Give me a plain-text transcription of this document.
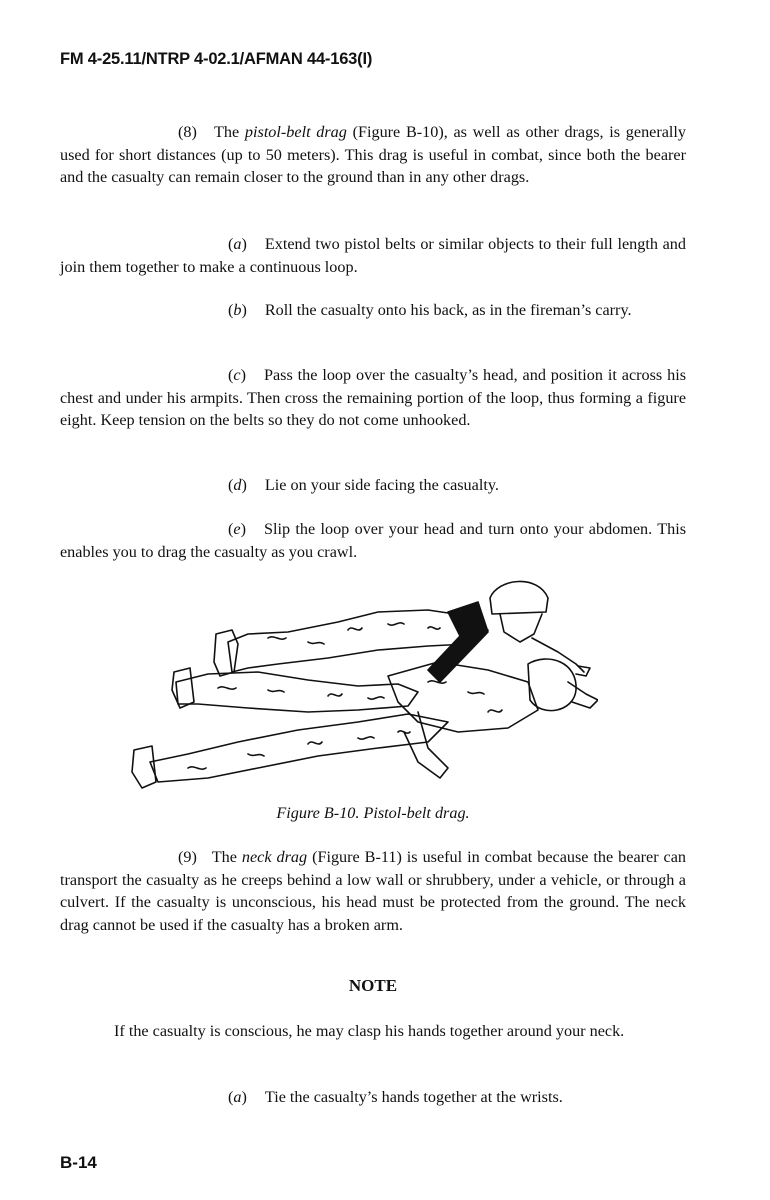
FM 4-25.11/NTRP 4-02.1/AFMAN 44-163(I)

(8) The pistol-belt drag (Figure B-10), as well as other drags, is generally used for short distances (up to 50 meters). This drag is useful in combat, since both the bearer and the casualty can remain closer to the ground than in any other drags.

(a) Extend two pistol belts or similar objects to their full length and join them together to make a continuous loop.

(b) Roll the casualty onto his back, as in the fireman’s carry.

(c) Pass the loop over the casualty’s head, and position it across his chest and under his armpits. Then cross the remaining portion of the loop, thus forming a figure eight. Keep tension on the belts so they do not come unhooked.

(d) Lie on your side facing the casualty.

(e) Slip the loop over your head and turn onto your abdomen. This enables you to drag the casualty as you crawl.

Figure B-10. Pistol-belt drag.

(9) The neck drag (Figure B-11) is useful in combat because the bearer can transport the casualty as he creeps behind a low wall or shrubbery, under a vehicle, or through a culvert. If the casualty is unconscious, his head must be protected from the ground. The neck drag cannot be used if the casualty has a broken arm.

NOTE
If the casualty is conscious, he may clasp his hands together around your neck.

(a) Tie the casualty’s hands together at the wrists.

B-14
